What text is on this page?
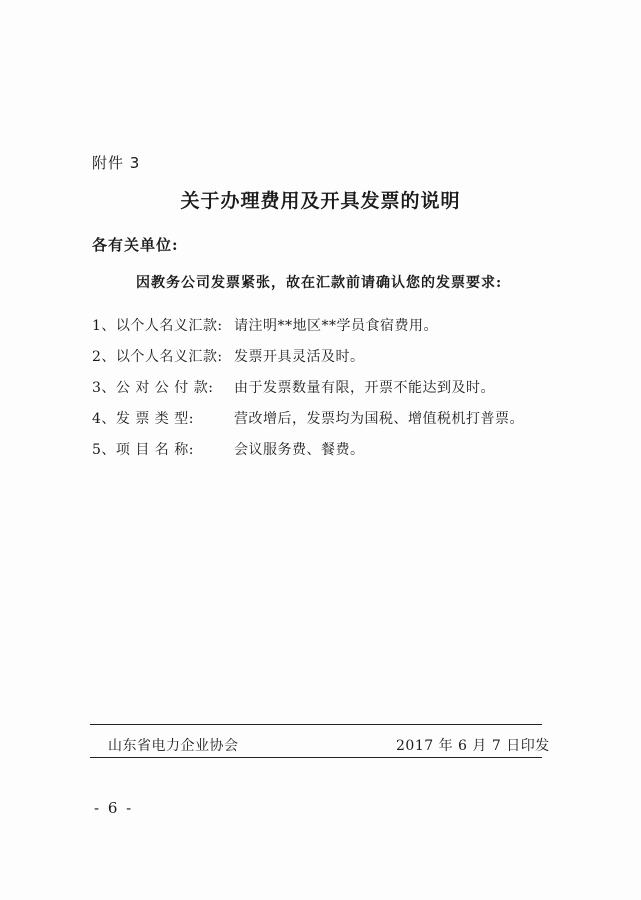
附件 3
关于办理费用及开具发票的说明
各有关单位:
因教务公司发票紧张，故在汇款前请确认您的发票要求:
1、以个人名义汇款: 请注明**地区**学员食宿费用。
2、以个人名义汇款: 发票开具灵活及时。
3、公 对 公 付 款: 由于发票数量有限，开票不能达到及时。
4、发 票 类 型:	营改增后，发票均为国税、增值税机打普票。
5、项 目 名 称:	会议服务费、餐费。
山东省电力企业协会	2017 年 6 月 7 日印发
- 6 -
